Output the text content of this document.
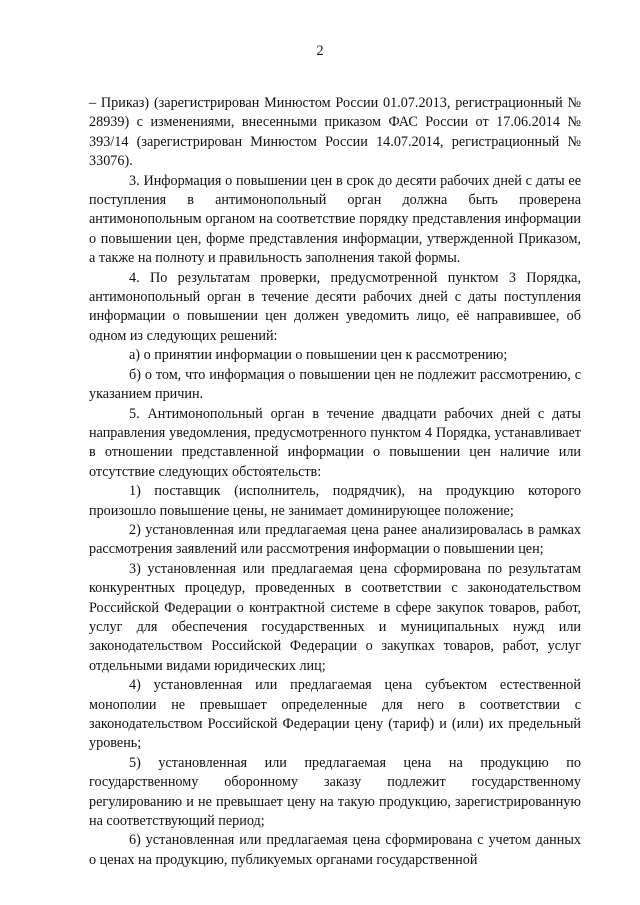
2

– Приказ) (зарегистрирован Минюстом России 01.07.2013, регистрационный № 28939) с изменениями, внесенными приказом ФАС России от 17.06.2014 № 393/14 (зарегистрирован Минюстом России 14.07.2014, регистрационный № 33076).

3. Информация о повышении цен в срок до десяти рабочих дней с даты ее поступления в антимонопольный орган должна быть проверена антимонопольным органом на соответствие порядку представления информации о повышении цен, форме представления информации, утвержденной Приказом, а также на полноту и правильность заполнения такой формы.

4. По результатам проверки, предусмотренной пунктом 3 Порядка, антимонопольный орган в течение десяти рабочих дней с даты поступления информации о повышении цен должен уведомить лицо, её направившее, об одном из следующих решений:

а) о принятии информации о повышении цен к рассмотрению;

б) о том, что информация о повышении цен не подлежит рассмотрению, с указанием причин.

5. Антимонопольный орган в течение двадцати рабочих дней с даты направления уведомления, предусмотренного пунктом 4 Порядка, устанавливает в отношении представленной информации о повышении цен наличие или отсутствие следующих обстоятельств:

1) поставщик (исполнитель, подрядчик), на продукцию которого произошло повышение цены, не занимает доминирующее положение;

2) установленная или предлагаемая цена ранее анализировалась в рамках рассмотрения заявлений или рассмотрения информации о повышении цен;

3) установленная или предлагаемая цена сформирована по результатам конкурентных процедур, проведенных в соответствии с законодательством Российской Федерации о контрактной системе в сфере закупок товаров, работ, услуг для обеспечения государственных и муниципальных нужд или законодательством Российской Федерации о закупках товаров, работ, услуг отдельными видами юридических лиц;

4) установленная или предлагаемая цена субъектом естественной монополии не превышает определенные для него в соответствии с законодательством Российской Федерации цену (тариф) и (или) их предельный уровень;

5) установленная или предлагаемая цена на продукцию по государственному оборонному заказу подлежит государственному регулированию и не превышает цену на такую продукцию, зарегистрированную на соответствующий период;

6) установленная или предлагаемая цена сформирована с учетом данных о ценах на продукцию, публикуемых органами государственной
